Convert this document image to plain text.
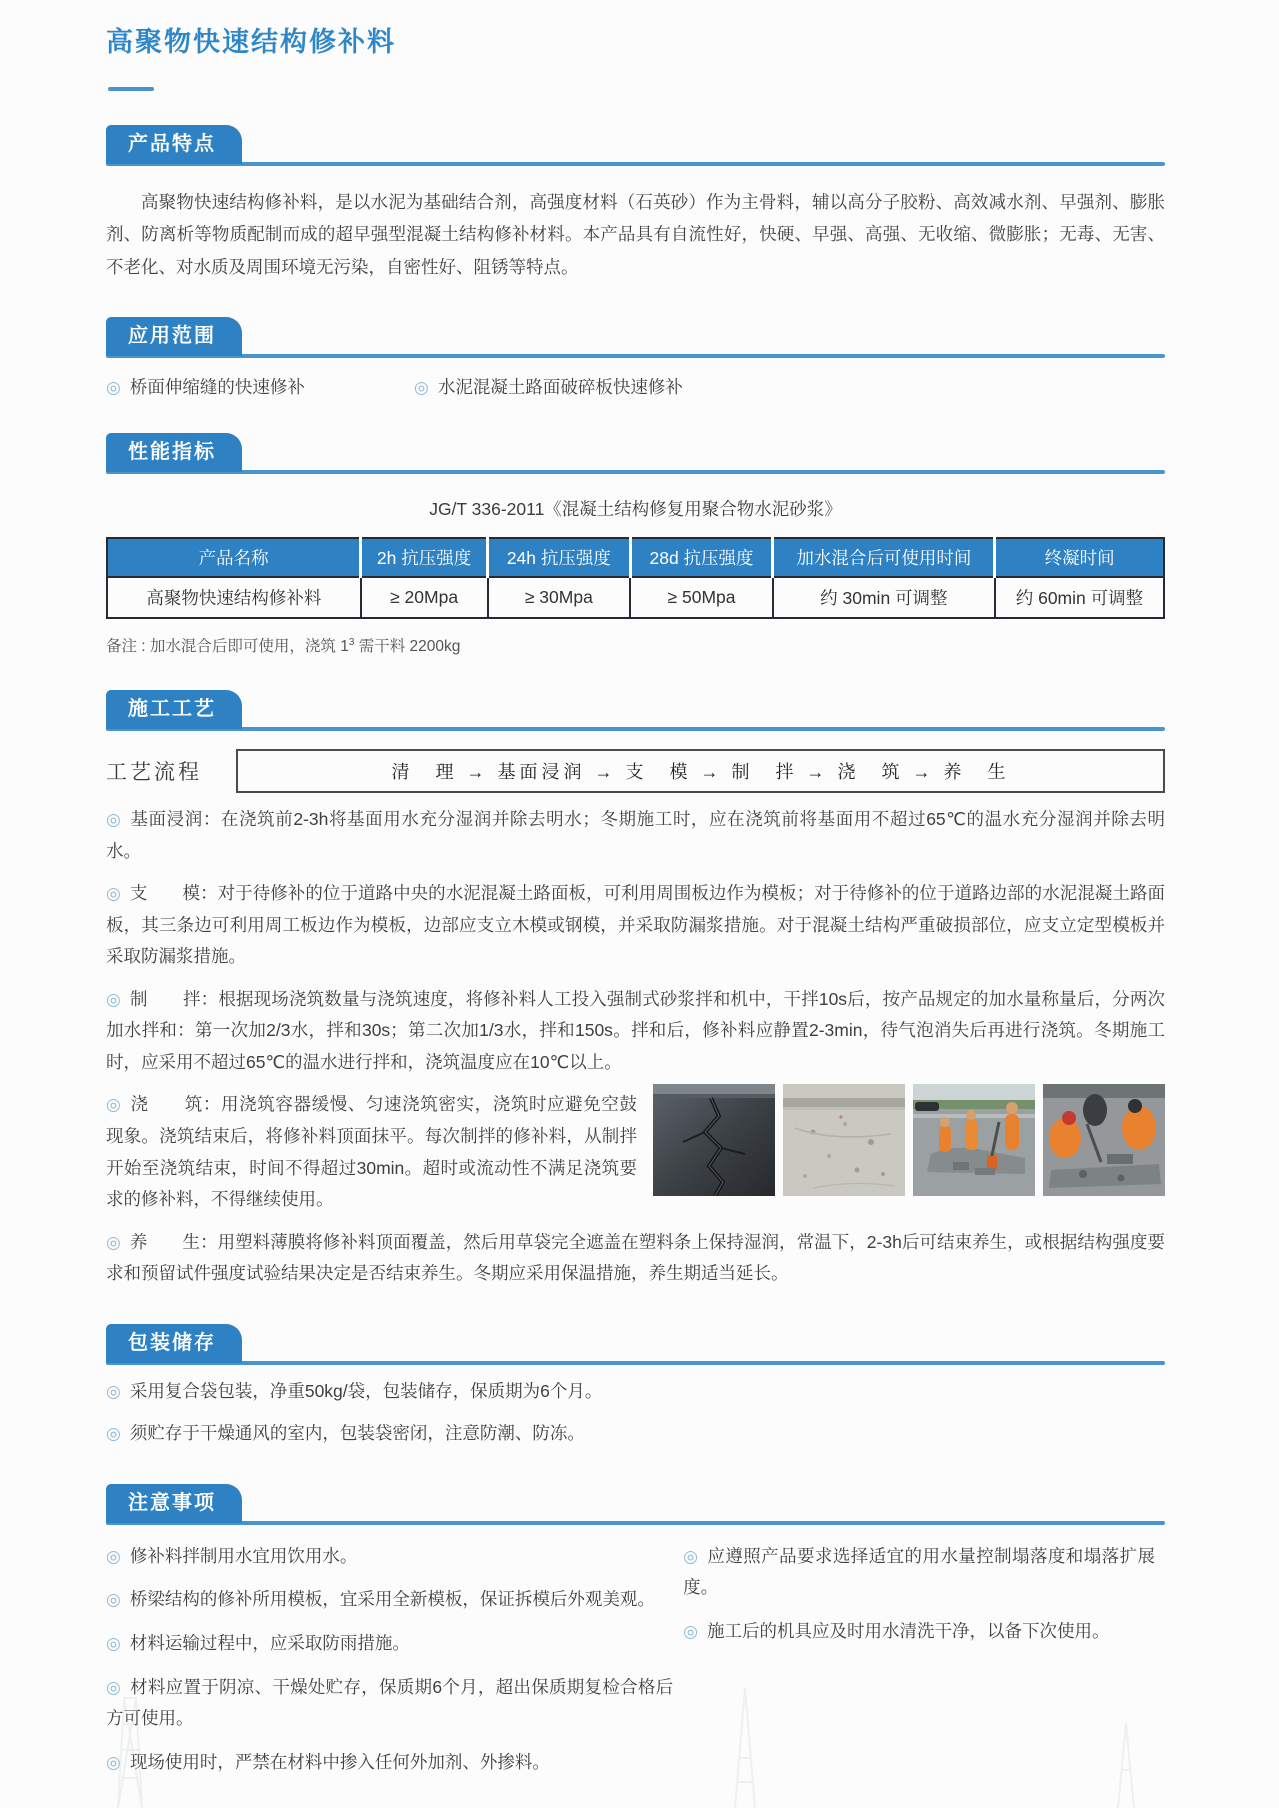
高聚物快速结构修补料
产品特点

高聚物快速结构修补料，是以水泥为基础结合剂，高强度材料（石英砂）作为主骨料，辅以高分子胶粉、高效减水剂、早强剂、膨胀剂、防离析等物质配制而成的超早强型混凝土结构修补材料。本产品具有自流性好，快硬、早强、高强、无收缩、微膨胀；无毒、无害、不老化、对水质及周围环境无污染，自密性好、阻锈等特点。

应用范围
◎ 桥面伸缩缝的快速修补	◎ 水泥混凝土路面破碎板快速修补
性能指标
JG/T 336-2011《混凝土结构修复用聚合物水泥砂浆》
产品名称	2h 抗压强度	24h 抗压强度	28d 抗压强度	加水混合后可使用时间	终凝时间
高聚物快速结构修补料	≥ 20Mpa	≥ 30Mpa	≥ 50Mpa	约 30min 可调整	约 60min 可调整

备注 : 加水混合后即可使用，浇筑 $1^3$ 需干料 2200kg

施工工艺
工艺流程	清　理 → 基面浸润 → 支　模 → 制　拌 → 浇　筑 → 养　生

◎ 基面浸润：在浇筑前2-3h将基面用水充分湿润并除去明水；冬期施工时，应在浇筑前将基面用不超过65℃的温水充分湿润并除去明水。

◎ 支　　模：对于待修补的位于道路中央的水泥混凝土路面板，可利用周围板边作为模板；对于待修补的位于道路边部的水泥混凝土路面板，其三条边可利用周工板边作为模板，边部应支立木模或钢模，并采取防漏浆措施。对于混凝土结构严重破损部位，应支立定型模板并采取防漏浆措施。

◎ 制　　拌：根据现场浇筑数量与浇筑速度，将修补料人工投入强制式砂浆拌和机中，干拌10s后，按产品规定的加水量称量后，分两次加水拌和：第一次加2/3水，拌和30s；第二次加1/3水，拌和150s。拌和后，修补料应静置2-3min，待气泡消失后再进行浇筑。冬期施工时，应采用不超过65℃的温水进行拌和，浇筑温度应在10℃以上。

◎ 浇　　筑：用浇筑容器缓慢、匀速浇筑密实，浇筑时应避免空鼓现象。浇筑结束后，将修补料顶面抹平。每次制拌的修补料，从制拌开始至浇筑结束，时间不得超过30min。超时或流动性不满足浇筑要求的修补料，不得继续使用。

◎ 养　　生：用塑料薄膜将修补料顶面覆盖，然后用草袋完全遮盖在塑料条上保持湿润，常温下，2-3h后可结束养生，或根据结构强度要求和预留试件强度试验结果决定是否结束养生。冬期应采用保温措施，养生期适当延长。

包装储存

◎ 采用复合袋包装，净重50kg/袋，包装储存，保质期为6个月。

◎ 须贮存于干燥通风的室内，包装袋密闭，注意防潮、防冻。

注意事项

◎ 修补料拌制用水宜用饮用水。

◎ 桥梁结构的修补所用模板，宜采用全新模板，保证拆模后外观美观。

◎ 材料运输过程中，应采取防雨措施。

◎ 材料应置于阴凉、干燥处贮存，保质期6个月，超出保质期复检合格后方可使用。

◎ 现场使用时，严禁在材料中掺入任何外加剂、外掺料。

◎ 应遵照产品要求选择适宜的用水量控制塌落度和塌落扩展度。

◎ 施工后的机具应及时用水清洗干净，以备下次使用。
